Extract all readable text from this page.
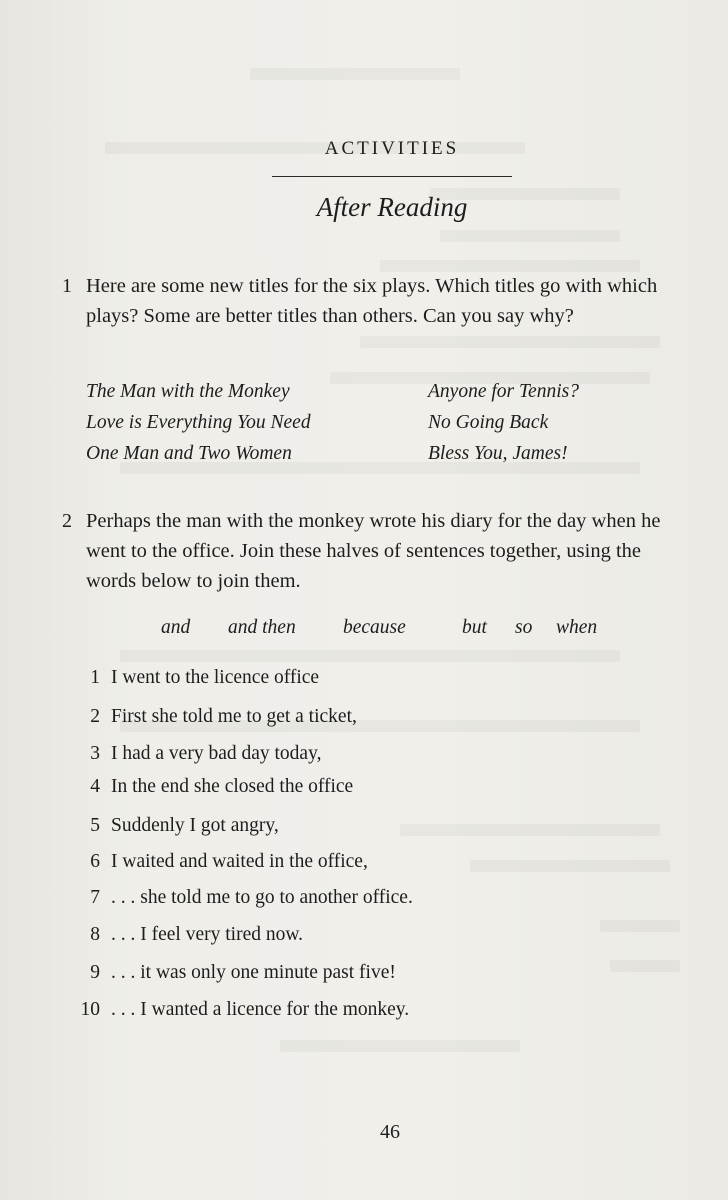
ACTIVITIES
After Reading
1 Here are some new titles for the six plays. Which titles go with which plays? Some are better titles than others. Can you say why?
The Man with the Monkey	Anyone for Tennis?
Love is Everything You Need	No Going Back
One Man and Two Women	Bless You, James!
2 Perhaps the man with the monkey wrote his diary for the day when he went to the office. Join these halves of sentences together, using the words below to join them.
and and then because	but so when
1 I went to the licence office
2 First she told me to get a ticket,
3 I had a very bad day today,
4 In the end she closed the office
5 Suddenly I got angry,
6 I waited and waited in the office,
7 . . . she told me to go to another office.
8 . . . I feel very tired now.
9 . . . it was only one minute past five!
10 . . . I wanted a licence for the monkey.
46
